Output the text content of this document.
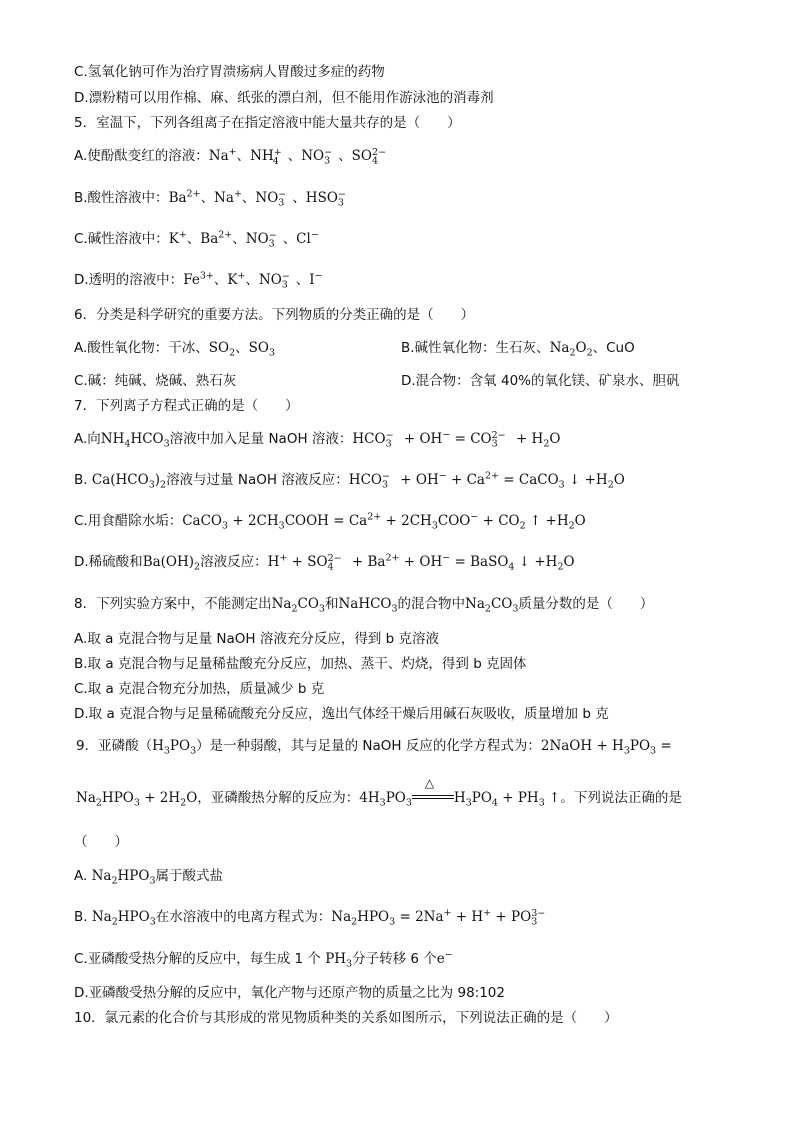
C.氢氧化钠可作为治疗胃溃疡病人胃酸过多症的药物
D.漂粉精可以用作棉、麻、纸张的漂白剂，但不能用作游泳池的消毒剂
5．室温下，下列各组离子在指定溶液中能大量共存的是（　　）
A.使酚酞变红的溶液：Na+、$NH_4^+$ 、$NO_3^-$ 、$SO_4^{2-}$
B.酸性溶液中：$Ba^{2+}$、Na+、$NO_3^-$ 、$HSO_3^-$
C.碱性溶液中：K+、$Ba^{2+}$、$NO_3^-$ 、Cl−
D.透明的溶液中：$Fe^{3+}$、K+、$NO_3^-$ 、I−
6．分类是科学研究的重要方法。下列物质的分类正确的是（　　）
A.酸性氧化物：干冰、$SO_2$、$SO_3$	B.碱性氧化物：生石灰、$Na_2O_2$、CuO
C.碱：纯碱、烧碱、熟石灰	D.混合物：含氧 40%的氧化镁、矿泉水、胆矾
7．下列离子方程式正确的是（　　）
A.向$NH_4HCO_3$溶液中加入足量 NaOH 溶液：$HCO_3^- + OH^- = CO_3^{2-} + H_2O$
B. $Ca(HCO_3)_2$溶液与过量 NaOH 溶液反应：$HCO_3^- + OH^- + Ca^{2+}$ = CaCO$_3$ ↓ $+H_2O$
C.用食醋除水垢：CaCO$_3$ + $2CH_3COOH = Ca^{2+} + 2CH_3COO^- + CO_2$ ↑ $+H_2O$
D.稀硫酸和$Ba(OH)_2$溶液反应：$H^+ + SO_4^{2-} + Ba^{2+} + OH^-$ = BaSO$_4$ ↓ $+H_2O$
8．下列实验方案中，不能测定出$Na_2CO_3$和NaHCO$_3$的混合物中$Na_2CO_3$质量分数的是（　　）
A.取 a 克混合物与足量 NaOH 溶液充分反应，得到 b 克溶液
B.取 a 克混合物与足量稀盐酸充分反应，加热、蒸干、灼烧，得到 b 克固体
C.取 a 克混合物充分加热，质量减少 b 克
D.取 a 克混合物与足量稀硫酸充分反应，逸出气体经干燥后用碱石灰吸收，质量增加 b 克
9．亚磷酸$(H_3PO_3)$是一种弱酸，其与足量的 NaOH 反应的化学方程式为：2NaOH + $H_3PO_3$ =
$Na_2HPO_3 + 2H_2O$，亚磷酸热分解的反应为：$4H_3PO_3$
△
$H_3PO_4 + PH_3$ ↑。下列说法正确的是
（　　）
A. $Na_2HPO_3$属于酸式盐
B. $Na_2HPO_3$在水溶液中的电离方程式为：$Na_2HPO_3 = 2Na^+ + H^+ + PO_3^{3-}$
C.亚磷酸受热分解的反应中，每生成 1 个 $PH_3$分子转移 6 个e−
D.亚磷酸受热分解的反应中，氧化产物与还原产物的质量之比为 98:102
10．氯元素的化合价与其形成的常见物质种类的关系如图所示，下列说法正确的是（　　）
